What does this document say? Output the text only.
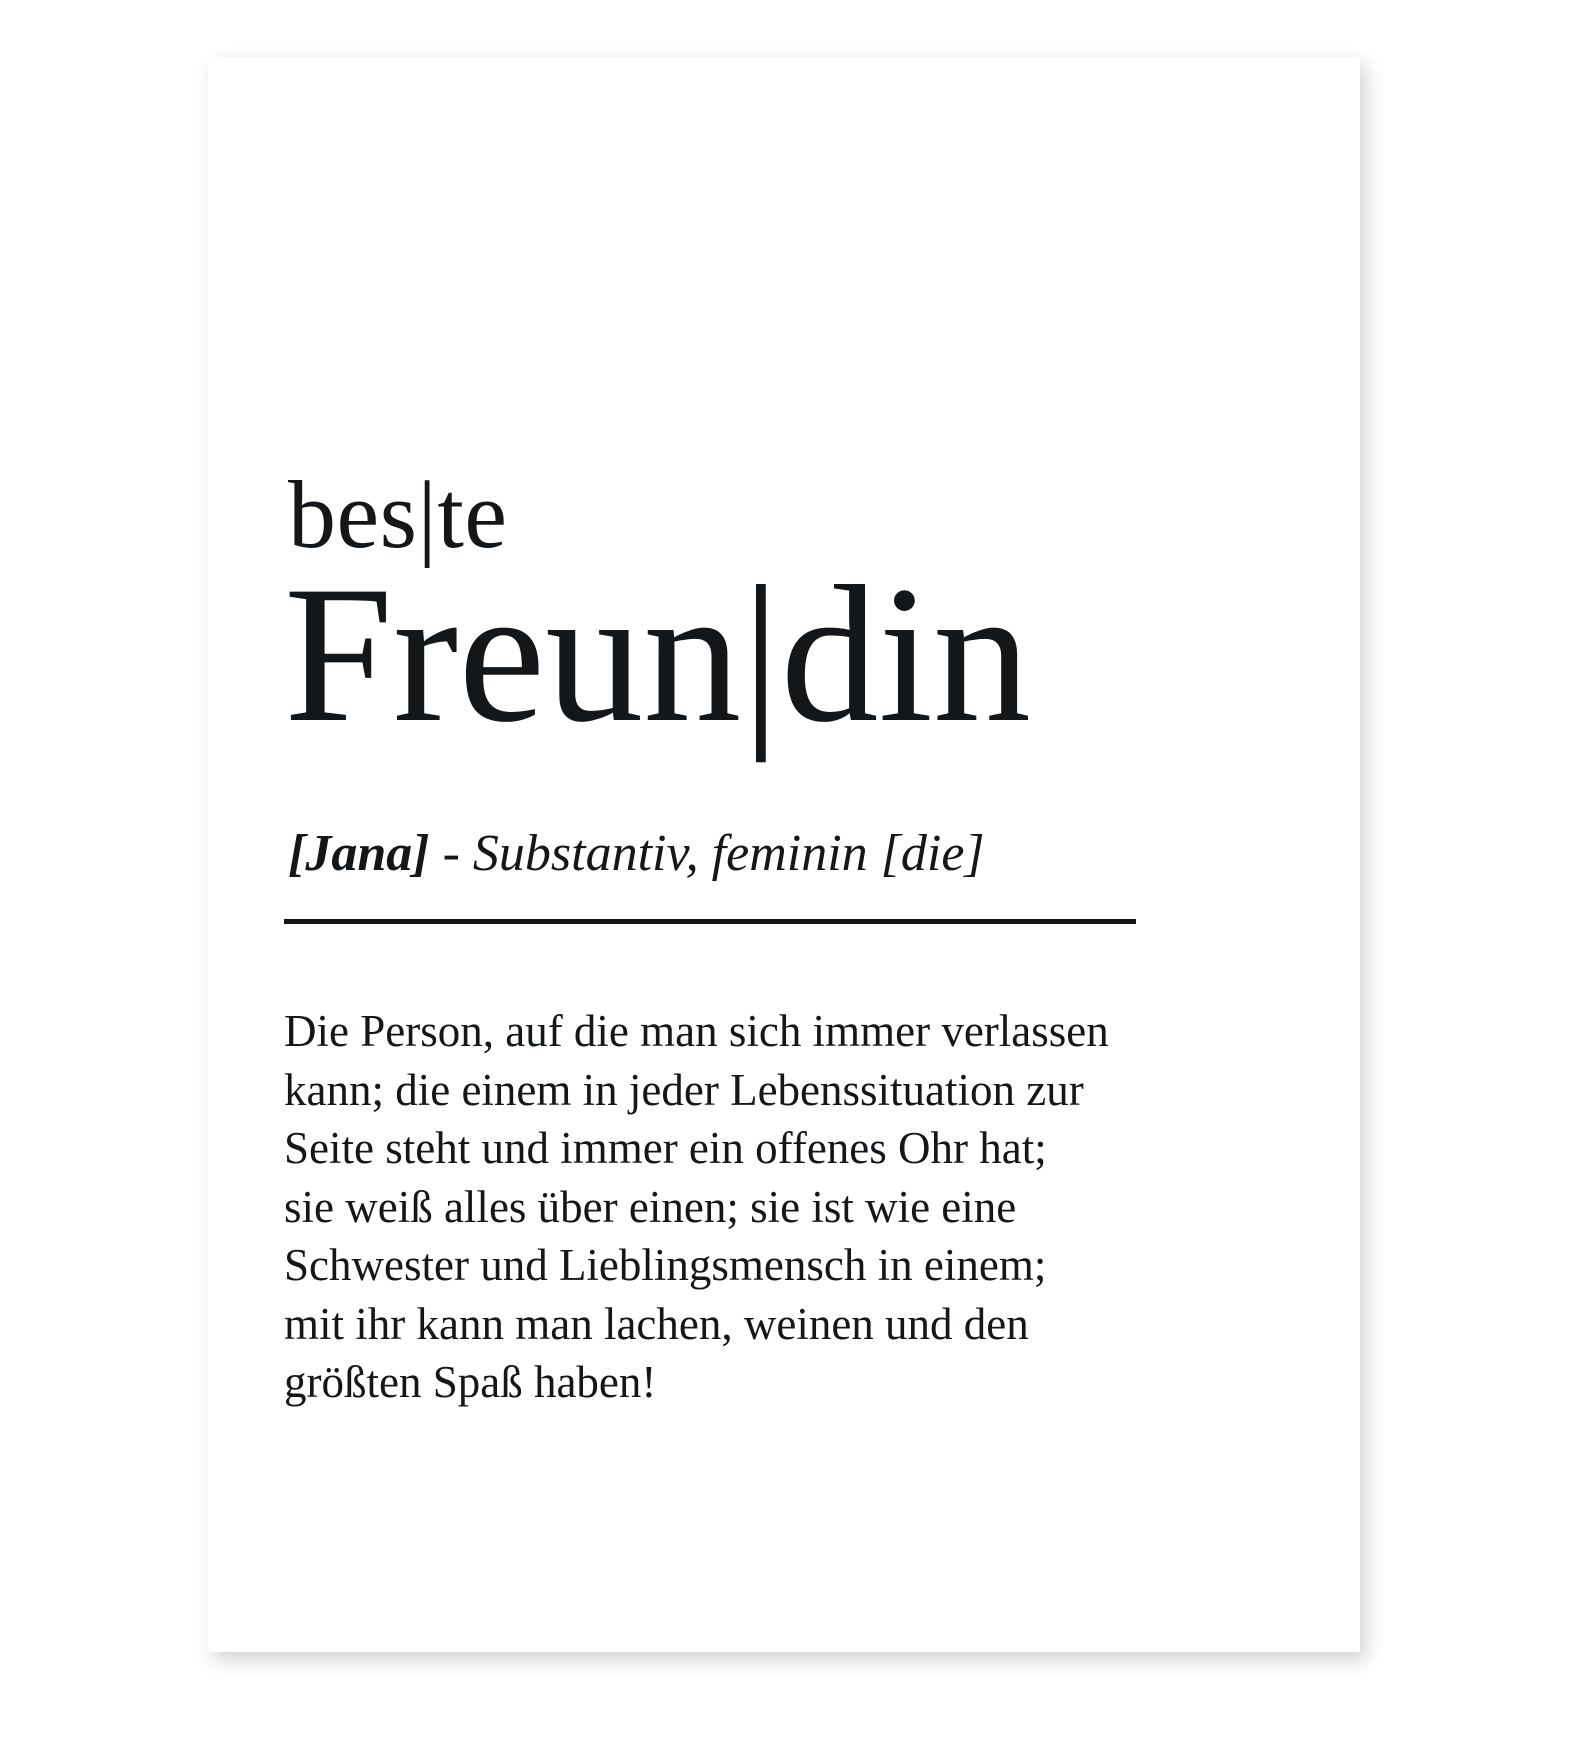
bes|te
Freun|din
[Jana] - Substantiv, feminin [die]
Die Person, auf die man sich immer verlassen
kann; die einem in jeder Lebenssituation zur
Seite steht und immer ein offenes Ohr hat;
sie weiß alles über einen; sie ist wie eine
Schwester und Lieblingsmensch in einem;
mit ihr kann man lachen, weinen und den
größten Spaß haben!
